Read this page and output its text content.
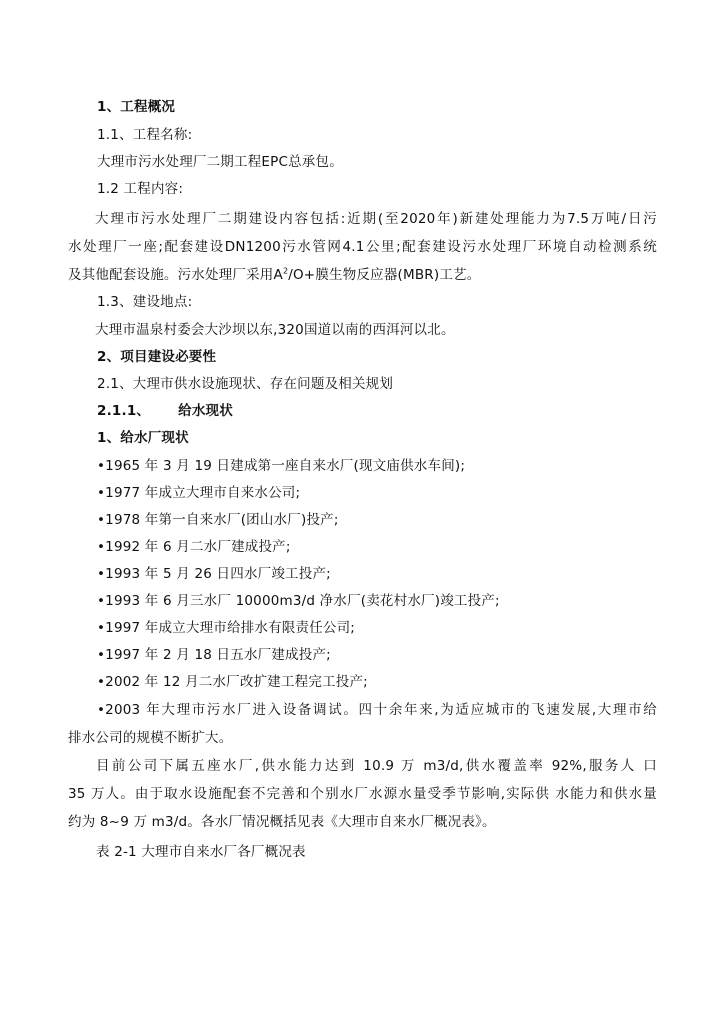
1、工程概况
1.1、工程名称:
大理市污水处理厂二期工程EPC总承包。
1.2 工程内容:
大理市污水处理厂二期建设内容包括:近期(至2020年)新建处理能力为7.5万吨/日污
水处理厂一座;配套建设DN1200污水管网4.1公里;配套建设污水处理厂环境自动检测系统
及其他配套设施。污水处理厂采用$A^2/O+$膜生物反应器(MBR)工艺。
1.3、建设地点:
大理市温泉村委会大沙坝以东,320国道以南的西洱河以北。
2、项目建设必要性
2.1、大理市供水设施现状、存在问题及相关规划
2.1.1、 给水现状
1、给水厂现状
•1965 年 3 月 19 日建成第一座自来水厂(现文庙供水车间);
•1977 年成立大理市自来水公司;
•1978 年第一自来水厂(团山水厂)投产;
•1992 年 6 月二水厂建成投产;
•1993 年 5 月 26 日四水厂竣工投产;
•1993 年 6 月三水厂 10000m3/d 净水厂(卖花村水厂)竣工投产;
•1997 年成立大理市给排水有限责任公司;
•1997 年 2 月 18 日五水厂建成投产;
•2002 年 12 月二水厂改扩建工程完工投产;
•2003 年大理市污水厂进入设备调试。四十余年来,为适应城市的飞速发展,大理市给
排水公司的规模不断扩大。
目前公司下属五座水厂,供水能力达到 10.9 万 m3/d,供水覆盖率 92%,服务人 口
35 万人。由于取水设施配套不完善和个别水厂水源水量受季节影响,实际供 水能力和供水量
约为 8~9 万 m3/d。各水厂情况概括见表《大理市自来水厂概况表》。
表 2-1 大理市自来水厂各厂概况表
